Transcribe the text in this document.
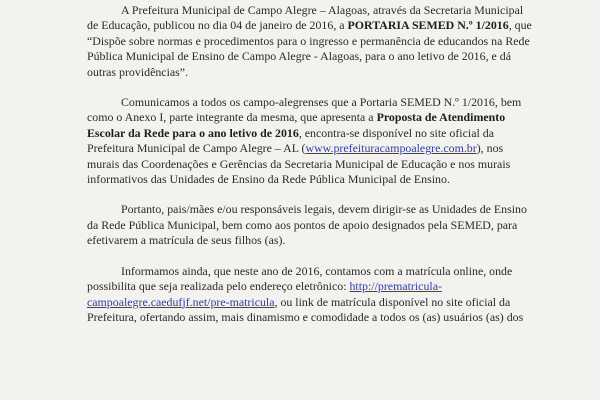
A Prefeitura Municipal de Campo Alegre – Alagoas, através da Secretaria Municipal
de Educação, publicou no dia 04 de janeiro de 2016, a PORTARIA SEMED N.º 1/2016, que
“Dispõe sobre normas e procedimentos para o ingresso e permanência de educandos na Rede
Pública Municipal de Ensino de Campo Alegre - Alagoas, para o ano letivo de 2016, e dá
outras providências”.

Comunicamos a todos os campo-alegrenses que a Portaria SEMED N.º 1/2016, bem
como o Anexo I, parte integrante da mesma, que apresenta a Proposta de Atendimento
Escolar da Rede para o ano letivo de 2016, encontra-se disponível no site oficial da
Prefeitura Municipal de Campo Alegre – AL (www.prefeituracampoalegre.com.br), nos
murais das Coordenações e Gerências da Secretaria Municipal de Educação e nos murais
informativos das Unidades de Ensino da Rede Pública Municipal de Ensino.

Portanto, pais/mães e/ou responsáveis legais, devem dirigir-se as Unidades de Ensino
da Rede Pública Municipal, bem como aos pontos de apoio designados pela SEMED, para
efetivarem a matrícula de seus filhos (as).

Informamos ainda, que neste ano de 2016, contamos com a matrícula online, onde
possibilita que seja realizada pelo endereço eletrônico: http://prematricula-
campoalegre.caedufjf.net/pre-matricula, ou link de matrícula disponível no site oficial da
Prefeitura, ofertando assim, mais dinamismo e comodidade a todos os (as) usuários (as) dos
